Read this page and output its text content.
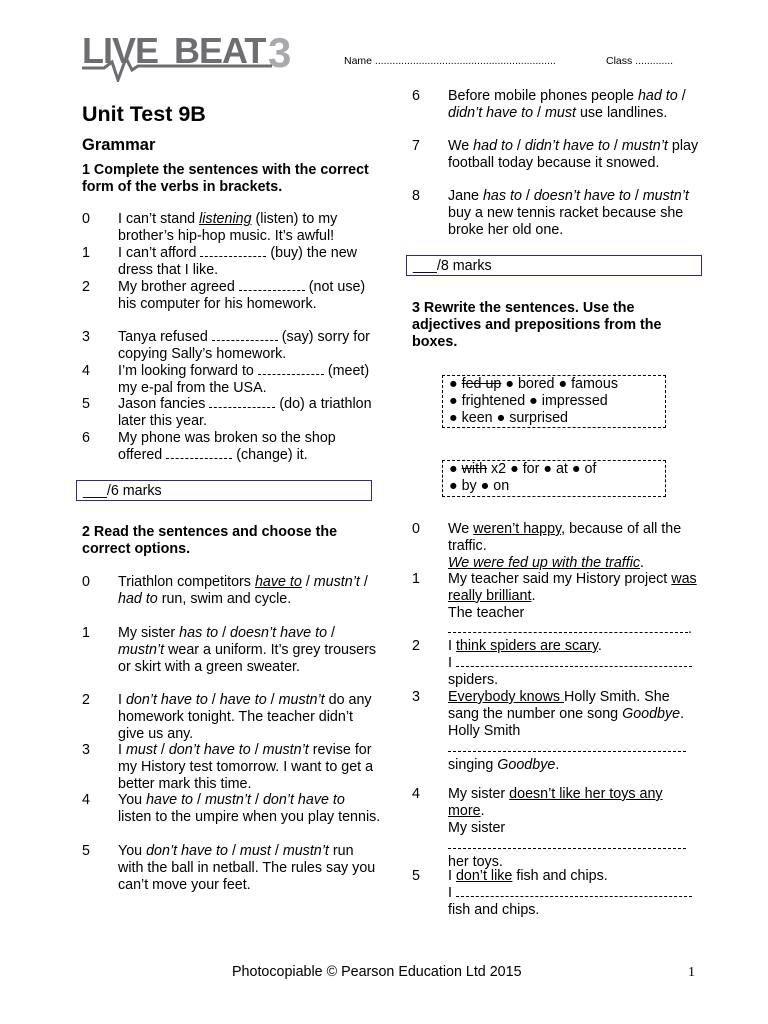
LIVE BEAT 3	Name ..............................................................	Class .............
Unit Test 9B
Grammar
1 Complete the sentences with the correct form of the verbs in brackets.
0	I can’t stand listening (listen) to my brother’s hip-hop music. It’s awful!
1	I can’t afford	(buy) the new dress that I like.
2	My brother agreed	(not use) his computer for his homework.
3	Tanya refused	(say) sorry for copying Sally’s homework.
4	I’m looking forward to	(meet) my e-pal from the USA.
5	Jason fancies	(do) a triathlon later this year.
6	My phone was broken so the shop offered	(change) it.
___/6 marks
2 Read the sentences and choose the correct options.
0	Triathlon competitors have to / mustn’t / had to run, swim and cycle.
1	My sister has to / doesn’t have to / mustn’t wear a uniform. It’s grey trousers or skirt with a green sweater.
2	I don’t have to / have to / mustn’t do any homework tonight. The teacher didn’t give us any.
3	I must / don’t have to / mustn’t revise for my History test tomorrow. I want to get a better mark this time.
4	You have to / mustn’t / don’t have to listen to the umpire when you play tennis.
5	You don’t have to / must / mustn’t run with the ball in netball. The rules say you can’t move your feet.
6	Before mobile phones people had to / didn’t have to / must use landlines.
7	We had to / didn’t have to / mustn’t play football today because it snowed.
8	Jane has to / doesn’t have to / mustn’t buy a new tennis racket because she broke her old one.
___/8 marks
3 Rewrite the sentences. Use the adjectives and prepositions from the boxes.
● fed up ● bored ● famous
● frightened ● impressed
● keen ● surprised
● with x2 ● for ● at ● of
● by ● on
0	We weren’t happy, because of all the traffic.
We were fed up with the traffic.
1	My teacher said my History project was really brilliant.
The teacher
.
2	I think spiders are scary.
I
spiders.
3	Everybody knows Holly Smith. She sang the number one song Goodbye.
Holly Smith

singing Goodbye.
4	My sister doesn’t like her toys any more.
My sister

her toys.
5	I don’t like fish and chips.
I
fish and chips.
Photocopiable © Pearson Education Ltd 2015	1
